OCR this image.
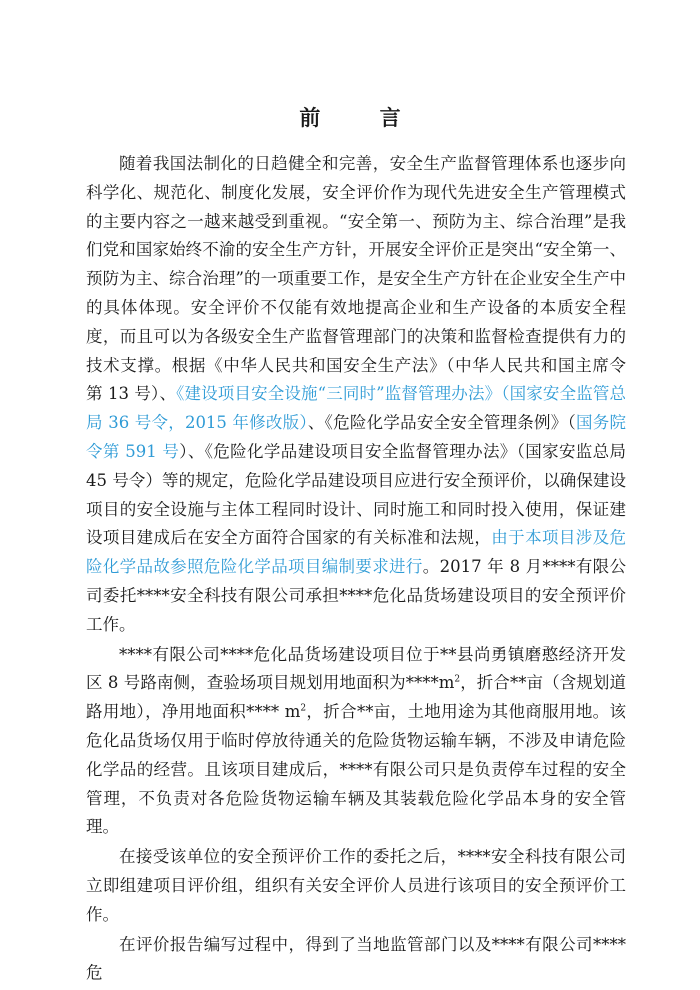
前 言

随着我国法制化的日趋健全和完善，安全生产监督管理体系也逐步向科学化、规范化、制度化发展，安全评价作为现代先进安全生产管理模式的主要内容之一越来越受到重视。“安全第一、预防为主、综合治理”是我们党和国家始终不渝的安全生产方针，开展安全评价正是突出“安全第一、预防为主、综合治理”的一项重要工作，是安全生产方针在企业安全生产中的具体体现。安全评价不仅能有效地提高企业和生产设备的本质安全程度，而且可以为各级安全生产监督管理部门的决策和监督检查提供有力的技术支撑。根据《中华人民共和国安全生产法》（中华人民共和国主席令 第 13 号）、《建设项目安全设施“三同时”监督管理办法》（国家安全监管总局 36 号令，2015 年修改版）、《危险化学品安全安全管理条例》（国务院令第 591 号）、《危险化学品建设项目安全监督管理办法》（国家安监总局 45 号令）等的规定，危险化学品建设项目应进行安全预评价，以确保建设项目的安全设施与主体工程同时设计、同时施工和同时投入使用，保证建设项目建成后在安全方面符合国家的有关标准和法规，由于本项目涉及危险化学品故参照危险化学品项目编制要求进行。2017 年 8 月****有限公司委托****安全科技有限公司承担****危化品货场建设项目的安全预评价工作。

****有限公司****危化品货场建设项目位于**县尚勇镇磨憨经济开发区 8 号路南侧，查验场项目规划用地面积为$****m^2$，折合**亩（含规划道路用地），净用地面积**** $m^2$，折合**亩，土地用途为其他商服用地。该危化品货场仅用于临时停放待通关的危险货物运输车辆，不涉及申请危险化学品的经营。且该项目建成后，****有限公司只是负责停车过程的安全管理，不负责对各危险货物运输车辆及其装载危险化学品本身的安全管理。

在接受该单位的安全预评价工作的委托之后，****安全科技有限公司立即组建项目评价组，组织有关安全评价人员进行该项目的安全预评价工作。

在评价报告编写过程中，得到了当地监管部门以及****有限公司****危
